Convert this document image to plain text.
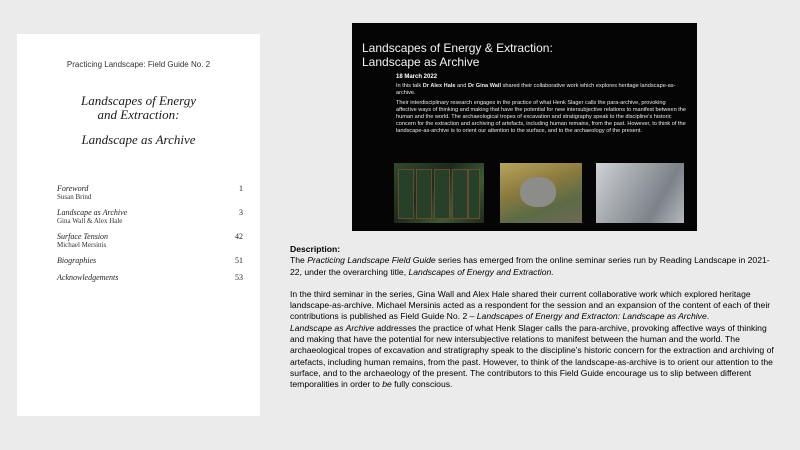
Practicing Landscape: Field Guide No. 2
Landscapes of Energy
and Extraction:
Landscape as Archive
Foreword
Susan Brind
1
Landscape as Archive
Gina Wall & Alex Hale
3
Surface Tension
Michael Mersinis
42
Biographies	51
Acknowledgements	53
Landscapes of Energy & Extraction:
Landscape as Archive
18 March 2022
In this talk Dr Alex Hale and Dr Gina Wall shared their collaborative work which explores heritage landscape-as-archive.
Their interdisciplinary research engages in the practice of what Henk Slager calls the para-archive, provoking affective ways of thinking and making that have the potential for new intersubjective relations to manifest between the human and the world. The archaeological tropes of excavation and stratigraphy speak to the discipline's historic concern for the extraction and archiving of artefacts, including human remains, from the past. However, to think of the landscape-as-archive is to orient our attention to the surface, and to the archaeology of the present.

Description:

The Practicing Landscape Field Guide series has emerged from the online seminar series run by Reading Landscape in 2021-22, under the overarching title, Landscapes of Energy and Extraction.

In the third seminar in the series, Gina Wall and Alex Hale shared their current collaborative work which explored heritage landscape-as-archive. Michael Mersinis acted as a respondent for the session and an expansion of the content of each of their contributions is published as Field Guide No. 2 – Landscapes of Energy and Extracton: Landscape as Archive.

Landscape as Archive addresses the practice of what Henk Slager calls the para-archive, provoking affective ways of thinking and making that have the potential for new intersubjective relations to manifest between the human and the world. The archaeological tropes of excavation and stratigraphy speak to the discipline’s historic concern for the extraction and archiving of artefacts, including human remains, from the past. However, to think of the landscape-as-archive is to orient our attention to the surface, and to the archaeology of the present. The contributors to this Field Guide encourage us to slip between different temporalities in order to be fully conscious.
